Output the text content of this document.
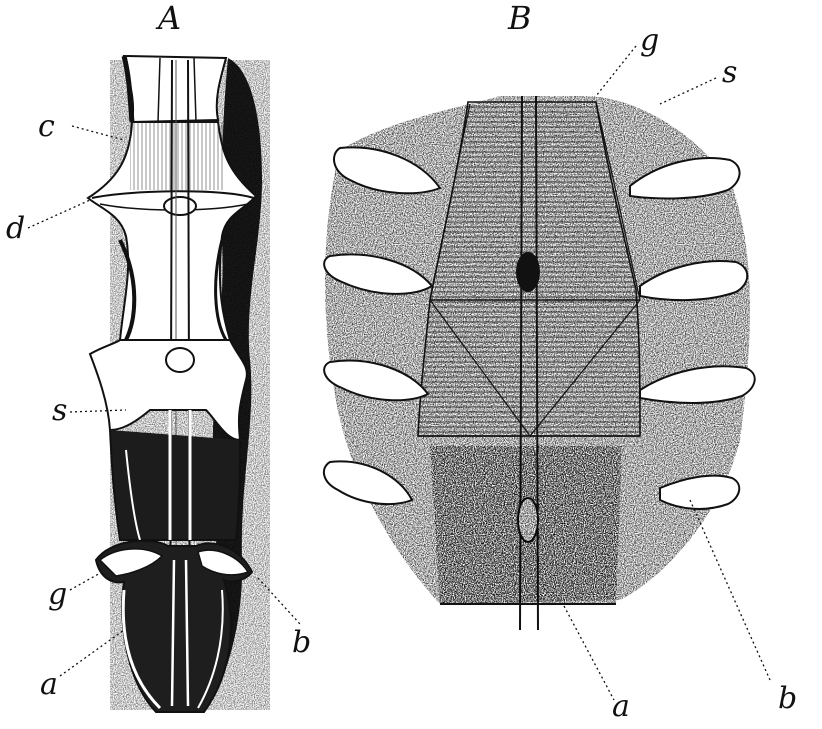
A	B
c
d
s
g
a
b
g
s
a	b
